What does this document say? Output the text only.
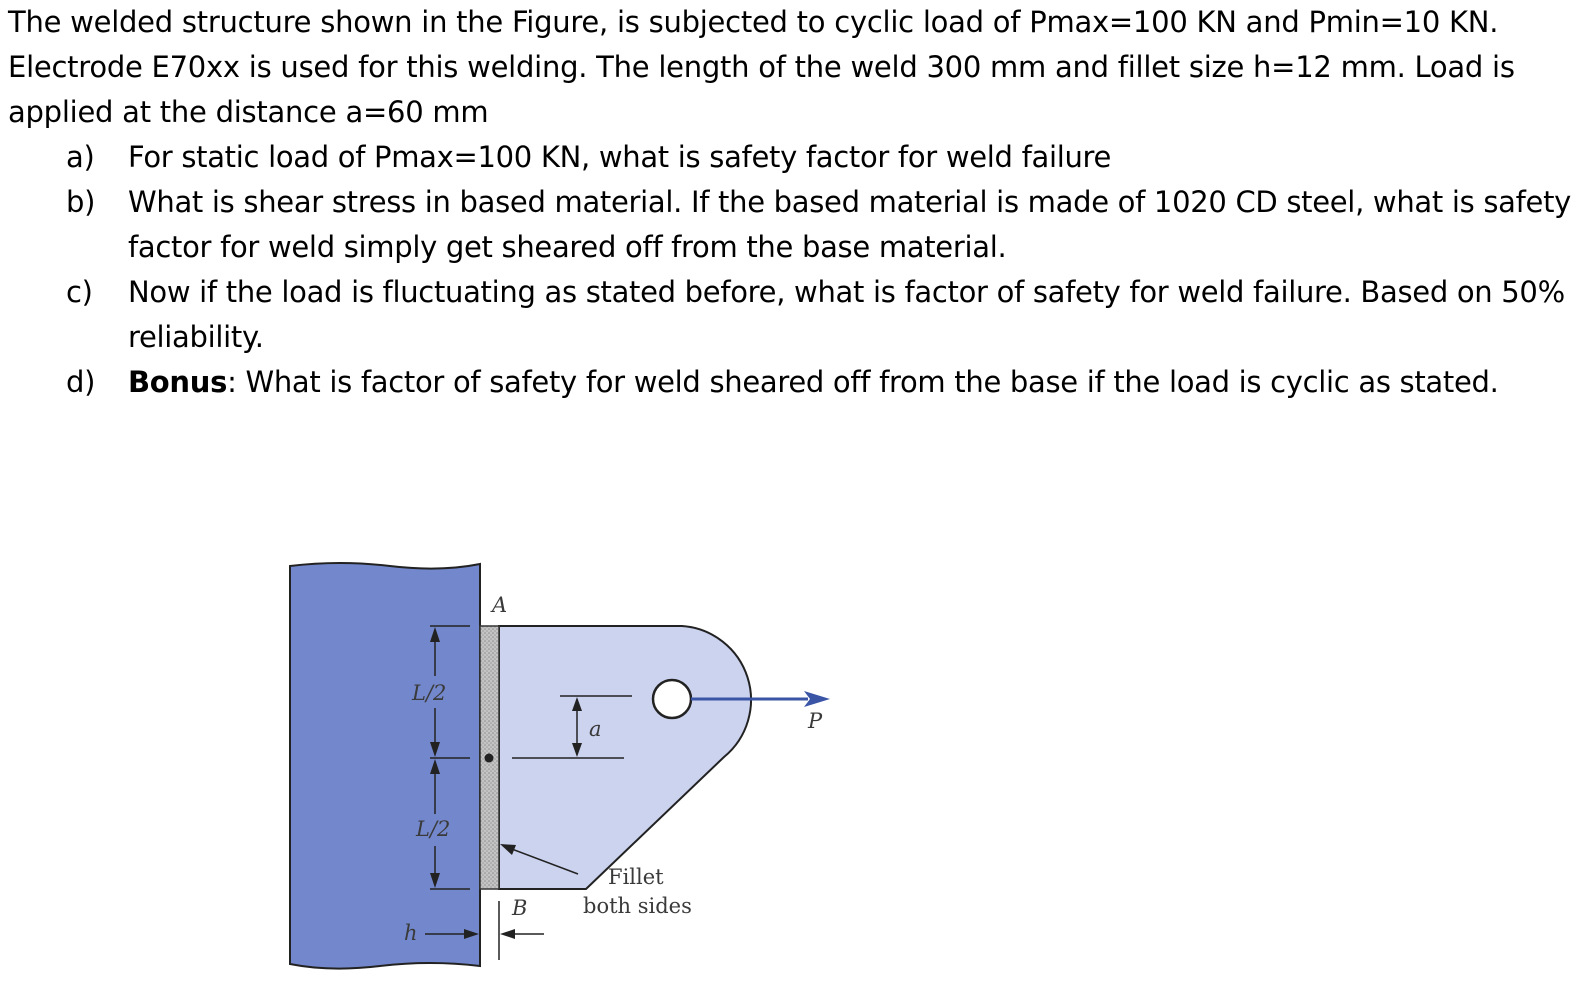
The welded structure shown in the Figure, is subjected to cyclic load of Pmax=100 KN and Pmin=10 KN. Electrode E70xx is used for this welding. The length of the weld 300 mm and fillet size h=12 mm. Load is applied at the distance a=60 mm

a) For static load of Pmax=100 KN, what is safety factor for weld failure
b) What is shear stress in based material. If the based material is made of 1020 CD steel, what is safety factor for weld simply get sheared off from the base material.
c) Now if the load is fluctuating as stated before, what is factor of safety for weld failure. Based on 50% reliability.
d) Bonus: What is factor of safety for weld sheared off from the base if the load is cyclic as stated.
A
L/2
L/2
a	P
Fillet
both sides
B
h
